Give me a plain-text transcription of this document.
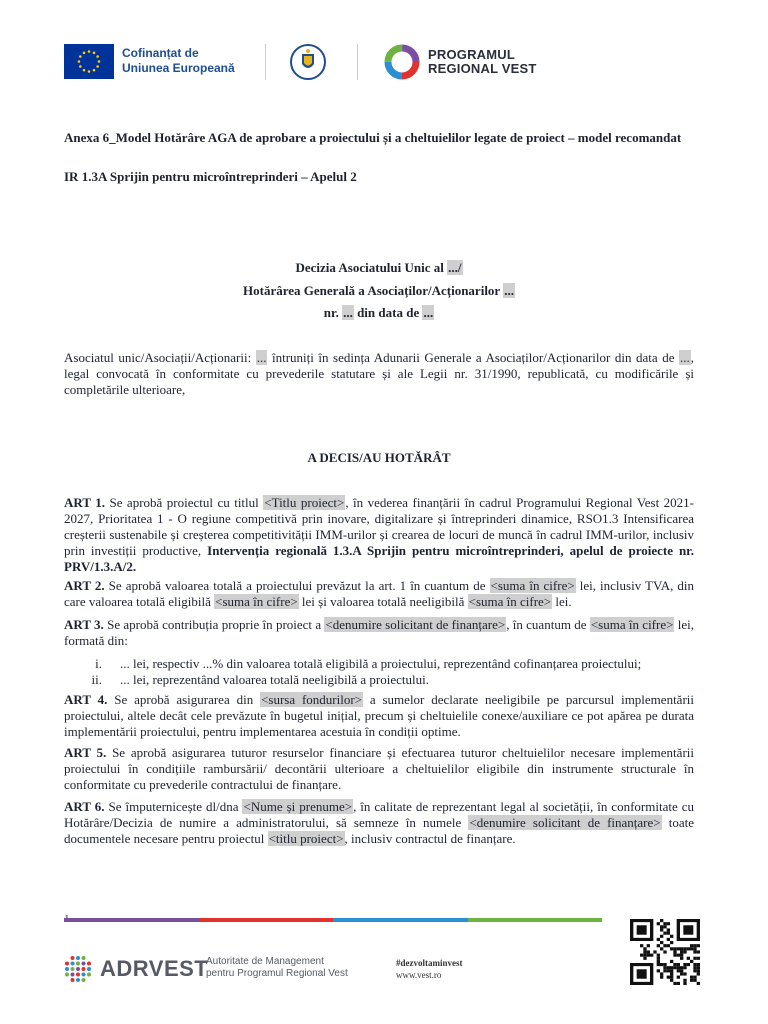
Cofinanțat de
Uniunea Europeană
PROGRAMUL
REGIONAL VEST
Anexa 6_Model Hotărâre AGA de aprobare a proiectului și a cheltuielilor legate de proiect – model recomandat
IR 1.3A Sprijin pentru microîntreprinderi – Apelul 2
Decizia Asociatului Unic al .../
Hotărârea Generală a Asociaților/Acționarilor ...
nr. ... din data de ...
Asociatul unic/Asociații/Acționarii: ... întruniți în sedința Adunarii Generale a Asociaților/Acționarilor din data de ..., legal convocată în conformitate cu prevederile statutare și ale Legii nr. 31/1990, republicată, cu modificările și completările ulterioare,
A DECIS/AU HOTĂRÂT
ART 1. Se aprobă proiectul cu titlul <Titlu proiect>, în vederea finanțării în cadrul Programului Regional Vest 2021-2027, Prioritatea 1 - O regiune competitivă prin inovare, digitalizare și întreprinderi dinamice, RSO1.3 Intensificarea creșterii sustenabile și creșterea competitivității IMM-urilor și crearea de locuri de muncă în cadrul IMM-urilor, inclusiv prin investiții productive, Intervenția regională 1.3.A Sprijin pentru microîntreprinderi, apelul de proiecte nr. PRV/1.3.A/2.
ART 2. Se aprobă valoarea totală a proiectului prevăzut la art. 1 în cuantum de <suma în cifre> lei, inclusiv TVA, din care valoarea totală eligibilă <suma în cifre> lei și valoarea totală neeligibilă <suma în cifre> lei.
ART 3. Se aprobă contribuția proprie în proiect a <denumire solicitant de finanțare>, în cuantum de <suma în cifre> lei, formată din:
i. ... lei, respectiv ...% din valoarea totală eligibilă a proiectului, reprezentând cofinanțarea proiectului;
ii. ... lei, reprezentând valoarea totală neeligibilă a proiectului.
ART 4. Se aprobă asigurarea din <sursa fondurilor> a sumelor declarate neeligibile pe parcursul implementării proiectului, altele decât cele prevăzute în bugetul inițial, precum și cheltuielile conexe/auxiliare ce pot apărea pe durata implementării proiectului, pentru implementarea acestuia în condiții optime.
ART 5. Se aprobă asigurarea tuturor resurselor financiare și efectuarea tuturor cheltuielilor necesare implementării proiectului în condițiile rambursării/ decontării ulterioare a cheltuielilor eligibile din instrumente structurale în conformitate cu prevederile contractului de finanțare.
ART 6. Se împuternicește dl/dna <Nume și prenume>, în calitate de reprezentant legal al societății, în conformitate cu Hotărâre/Decizia de numire a administratorului, să semneze în numele <denumire solicitant de finanțare> toate documentele necesare pentru proiectul <titlu proiect>, inclusiv contractul de finanțare.
ADRVEST
Autoritate de Management
pentru Programul Regional Vest
#dezvoltaminvest
www.vest.ro
